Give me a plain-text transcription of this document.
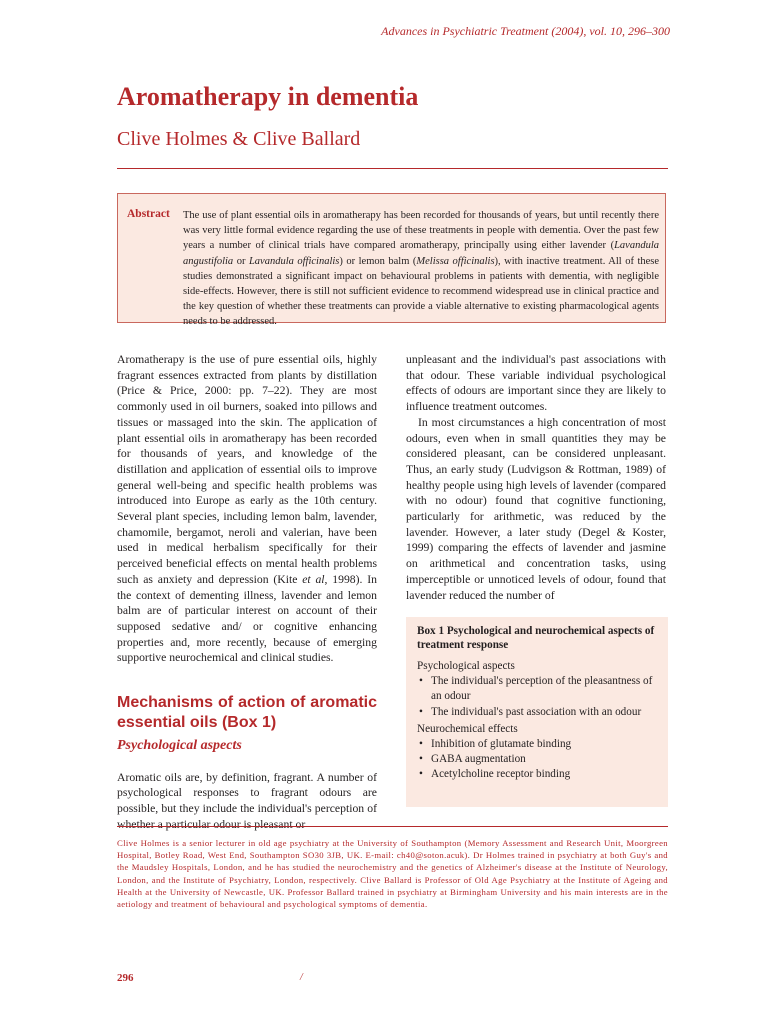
Advances in Psychiatric Treatment (2004), vol. 10, 296–300
Aromatherapy in dementia
Clive Holmes & Clive Ballard
Abstract The use of plant essential oils in aromatherapy has been recorded for thousands of years, but until recently there was very little formal evidence regarding the use of these treatments in people with dementia. Over the past few years a number of clinical trials have compared aromatherapy, principally using either lavender (Lavandula angustifolia or Lavandula officinalis) or lemon balm (Melissa officinalis), with inactive treatment. All of these studies demonstrated a significant impact on behavioural problems in patients with dementia, with negligible side-effects. However, there is still not sufficient evidence to recommend widespread use in clinical practice and the key question of whether these treatments can provide a viable alternative to existing pharmacological agents needs to be addressed.

Aromatherapy is the use of pure essential oils, highly fragrant essences extracted from plants by distillation (Price & Price, 2000: pp. 7–22). They are most commonly used in oil burners, soaked into pillows and tissues or massaged into the skin. The application of plant essential oils in aromatherapy has been recorded for thousands of years, and knowledge of the distillation and application of essential oils to improve general well-being and specific health problems was introduced into Europe as early as the 10th century. Several plant species, including lemon balm, lavender, chamomile, bergamot, neroli and valerian, have been used in medical herbalism specifically for their perceived beneficial effects on mental health problems such as anxiety and depression (Kite et al, 1998). In the context of dementing illness, lavender and lemon balm are of particular interest on account of their supposed sedative and/ or cognitive enhancing properties and, more recently, because of emerging supportive neurochemical and clinical studies.

Mechanisms of action of aromatic essential oils (Box 1)
Psychological aspects

Aromatic oils are, by definition, fragrant. A number of psychological responses to fragrant odours are possible, but they include the individual's perception of whether a particular odour is pleasant or

unpleasant and the individual's past associations with that odour. These variable individual psychological effects of odours are important since they are likely to influence treatment outcomes.

In most circumstances a high concentration of most odours, even when in small quantities they may be considered pleasant, can be considered unpleasant. Thus, an early study (Ludvigson & Rottman, 1989) of healthy people using high levels of lavender (compared with no odour) found that cognitive functioning, particularly for arithmetic, was reduced by the lavender. However, a later study (Degel & Koster, 1999) comparing the effects of lavender and jasmine on arithmetical and concentration tasks, using imperceptible or unnoticed levels of odour, found that lavender reduced the number of

Box 1 Psychological and neurochemical aspects of treatment response

Psychological aspects

• The individual's perception of the pleasantness of an odour
• The individual's past association with an odour

Neurochemical effects

• Inhibition of glutamate binding
• GABA augmentation
• Acetylcholine receptor binding

Clive Holmes is a senior lecturer in old age psychiatry at the University of Southampton (Memory Assessment and Research Unit, Moorgreen Hospital, Botley Road, West End, Southampton SO30 3JB, UK. E-mail: ch40@soton.acuk). Dr Holmes trained in psychiatry at both Guy's and the Maudsley Hospitals, London, and he has studied the neurochemistry and the genetics of Alzheimer's disease at the Institute of Neurology, London, and the Institute of Psychiatry, London, respectively. Clive Ballard is Professor of Old Age Psychiatry at the Institute of Ageing and Health at the University of Newcastle, UK. Professor Ballard trained in psychiatry at Birmingham University and his main interests are in the aetiology and treatment of behavioural and psychological symptoms of dementia.

296	/
